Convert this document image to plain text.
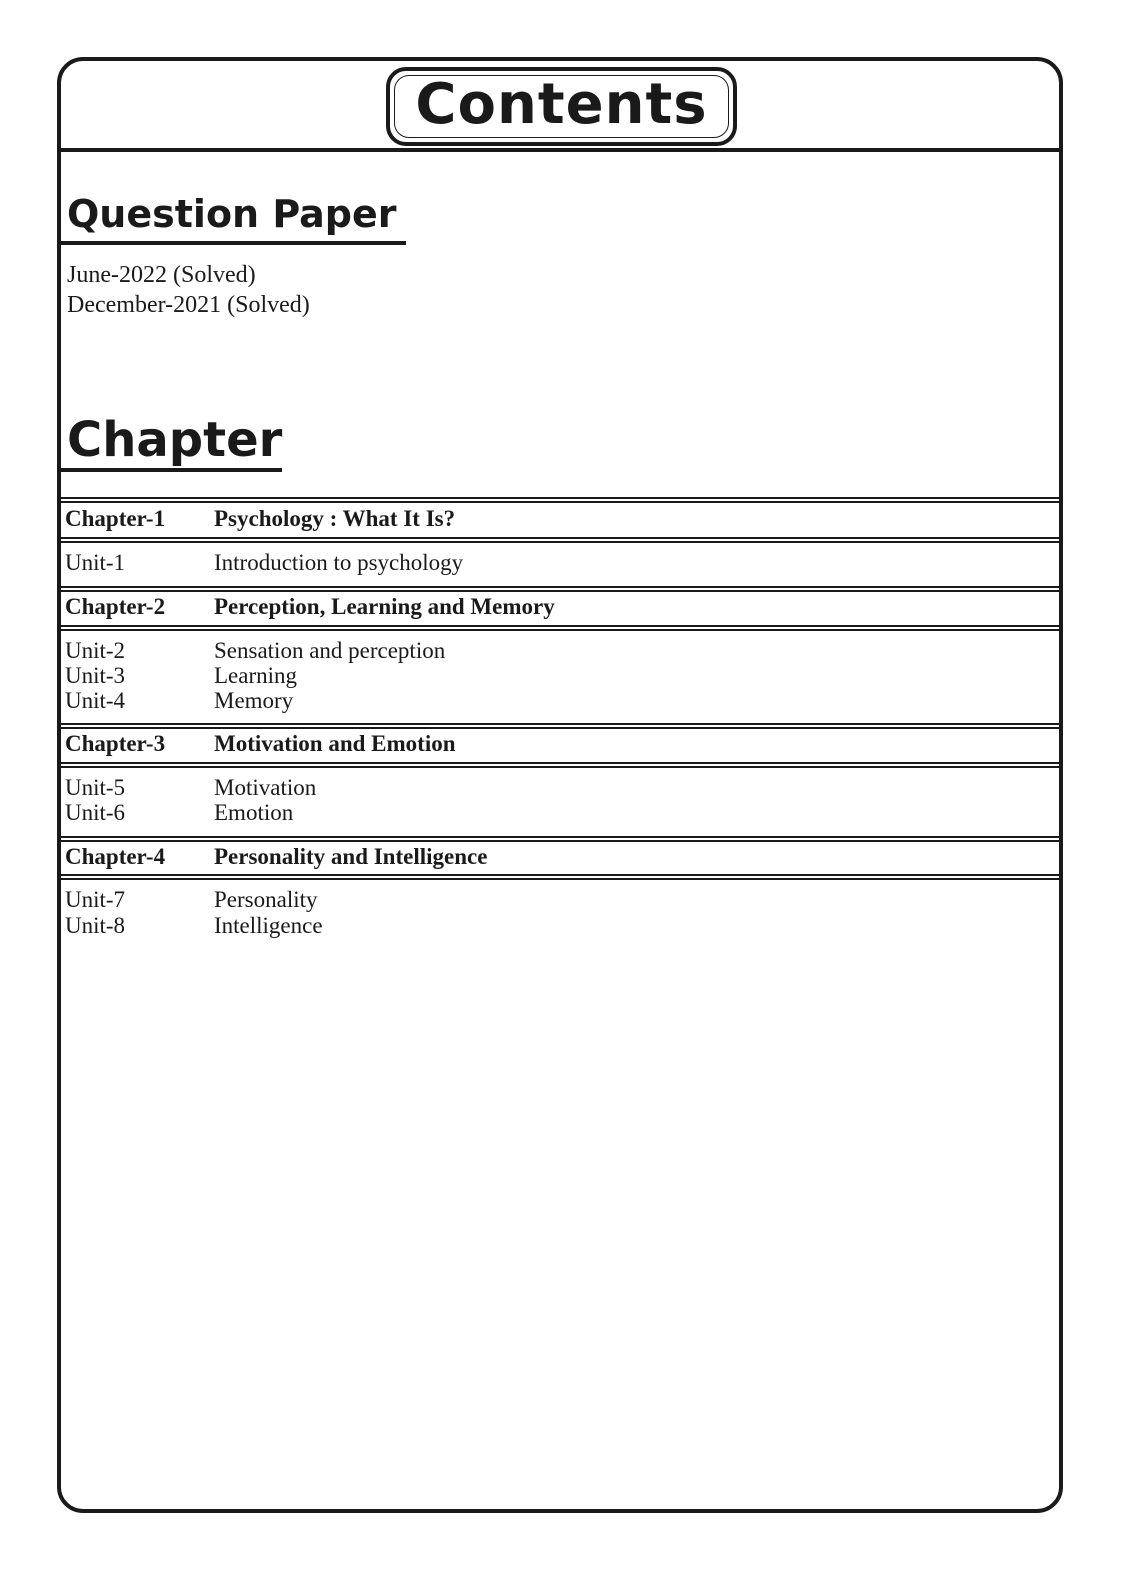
Contents
Question Paper
June-2022 (Solved)
December-2021 (Solved)
Chapter
Chapter-1 Psychology : What It Is?
Unit-1	Introduction to psychology
Chapter-2 Perception, Learning and Memory
Unit-2	Sensation and perception
Unit-3	Learning
Unit-4	Memory
Chapter-3 Motivation and Emotion
Unit-5	Motivation
Unit-6	Emotion
Chapter-4 Personality and Intelligence
Unit-7	Personality
Unit-8	Intelligence
